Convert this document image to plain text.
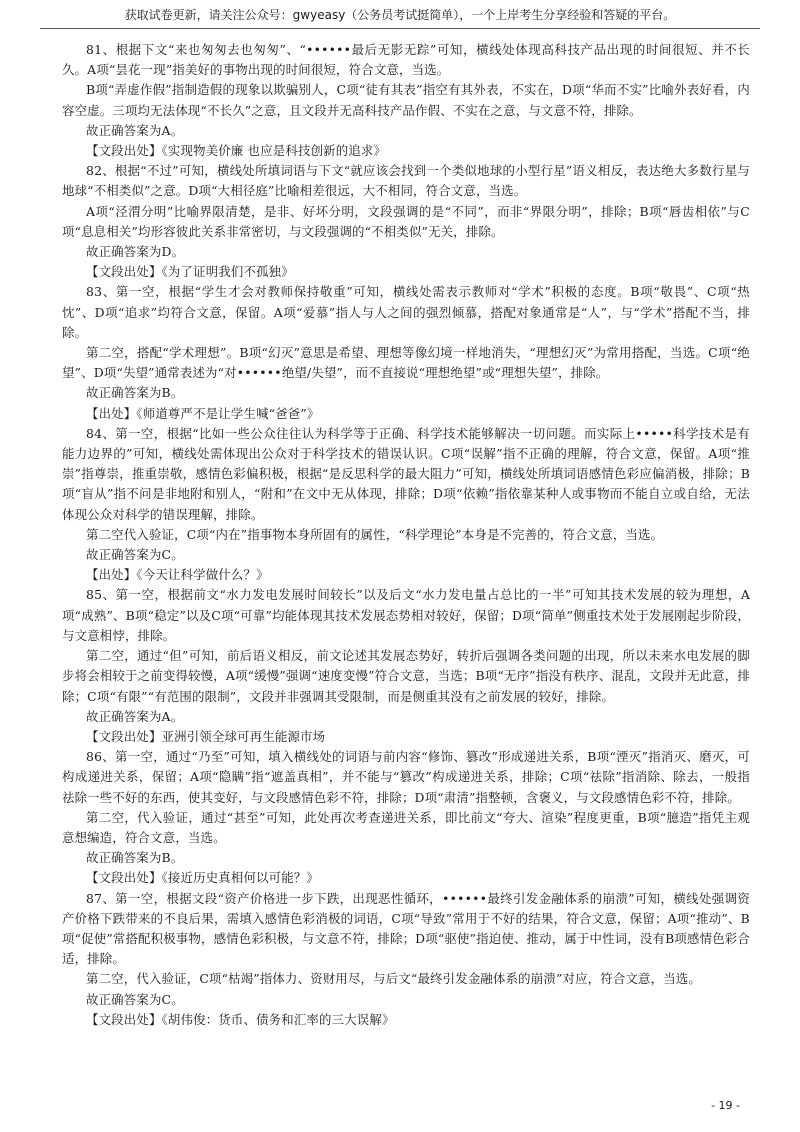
获取试卷更新，请关注公众号：gwyeasy（公务员考试挺简单），一个上岸考生分享经验和答疑的平台。

81、根据下文“来也匆匆去也匆匆”、“••••••最后无影无踪”可知，横线处体现高科技产品出现的时间很短、并不长久。A项“昙花一现”指美好的事物出现的时间很短，符合文意，当选。

B项“弄虚作假”指制造假的现象以欺骗别人，C项“徒有其表”指空有其外表，不实在，D项“华而不实”比喻外表好看，内容空虚。三项均无法体现“不长久”之意，且文段并无高科技产品作假、不实在之意，与文意不符，排除。

故正确答案为A。

【文段出处】《实现物美价廉 也应是科技创新的追求》

82、根据“不过”可知，横线处所填词语与下文“就应该会找到一个类似地球的小型行星”语义相反，表达绝大多数行星与地球“不相类似”之意。D项“大相径庭”比喻相差很远，大不相同，符合文意，当选。

A项“泾渭分明”比喻界限清楚，是非、好坏分明，文段强调的是“不同”，而非“界限分明”，排除；B项“唇齿相依”与C项“息息相关”均形容彼此关系非常密切，与文段强调的“不相类似”无关，排除。

故正确答案为D。

【文段出处】《为了证明我们不孤独》

83、第一空，根据“学生才会对教师保持敬重”可知，横线处需表示教师对“学术”积极的态度。B项“敬畏”、C项“热忱”、D项“追求”均符合文意，保留。A项“爱慕”指人与人之间的强烈倾慕，搭配对象通常是“人”，与“学术”搭配不当，排除。

第二空，搭配“学术理想”。B项“幻灭”意思是希望、理想等像幻境一样地消失，“理想幻灭”为常用搭配，当选。C项“绝望”、D项“失望”通常表述为“对••••••绝望/失望”，而不直接说“理想绝望”或“理想失望”，排除。

故正确答案为B。

【出处】《师道尊严不是让学生喊“爸爸”》

84、第一空，根据“比如一些公众往往认为科学等于正确、科学技术能够解决一切问题。而实际上•••••科学技术是有能力边界的”可知，横线处需体现出公众对于科学技术的错误认识。C项“误解”指不正确的理解，符合文意，保留。A项“推崇”指尊崇，推重崇敬，感情色彩偏积极，根据“是反思科学的最大阻力”可知，横线处所填词语感情色彩应偏消极，排除；B项“盲从”指不问是非地附和别人，“附和”在文中无从体现，排除；D项“依赖”指依靠某种人或事物而不能自立或自给，无法体现公众对科学的错误理解，排除。

第二空代入验证，C项“内在”指事物本身所固有的属性，“科学理论”本身是不完善的，符合文意，当选。

故正确答案为C。

【出处】《今天让科学做什么？》

85、第一空，根据前文“水力发电发展时间较长”以及后文“水力发电量占总比的一半”可知其技术发展的较为理想，A项“成熟”、B项“稳定”以及C项“可靠”均能体现其技术发展态势相对较好，保留；D项“简单”侧重技术处于发展刚起步阶段，与文意相悖，排除。

第二空，通过“但”可知，前后语义相反，前文论述其发展态势好，转折后强调各类问题的出现，所以未来水电发展的脚步将会相较于之前变得较慢，A项“缓慢”强调“速度变慢”符合文意，当选；B项“无序”指没有秩序、混乱，文段并无此意，排除；C项“有限”“有范围的限制”，文段并非强调其受限制，而是侧重其没有之前发展的较好，排除。

故正确答案为A。

【文段出处】亚洲引领全球可再生能源市场

86、第一空，通过“乃至”可知，填入横线处的词语与前内容“修饰、篡改”形成递进关系，B项“湮灭”指消灭、磨灭，可构成递进关系，保留；A项“隐瞒”指“遮盖真相”，并不能与“篡改”构成递进关系，排除；C项“祛除”指消除、除去，一般指祛除一些不好的东西，使其变好，与文段感情色彩不符，排除；D项“肃清”指整顿，含褒义，与文段感情色彩不符，排除。

第二空，代入验证，通过“甚至”可知，此处再次考查递进关系，即比前文“夸大、渲染”程度更重，B项“臆造”指凭主观意想编造，符合文意，当选。

故正确答案为B。

【文段出处】《接近历史真相何以可能？》

87、第一空，根据文段“资产价格进一步下跌，出现恶性循环，••••••最终引发金融体系的崩溃”可知，横线处强调资产价格下跌带来的不良后果，需填入感情色彩消极的词语，C项“导致”常用于不好的结果，符合文意，保留；A项“推动”、B项“促使”常搭配积极事物，感情色彩积极，与文意不符，排除；D项“驱使”指迫使、推动，属于中性词，没有B项感情色彩合适，排除。

第二空，代入验证，C项“枯竭”指体力、资财用尽，与后文“最终引发金融体系的崩溃”对应，符合文意，当选。

故正确答案为C。

【文段出处】《胡伟俊：货币、债务和汇率的三大误解》

- 19 -
